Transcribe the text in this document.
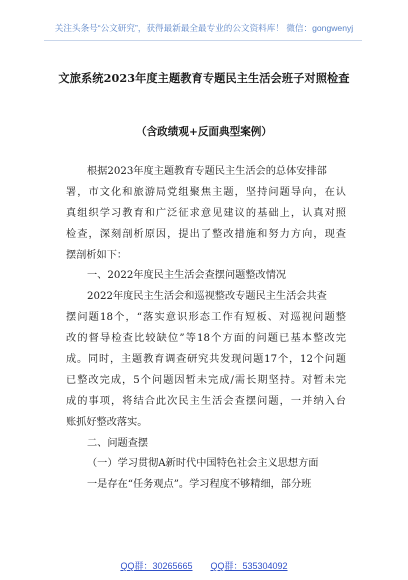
关注头条号“公文研究”，获得最新最全最专业的公文资料库！ 微信：gongwenyj
文旅系统2023年度主题教育专题民主生活会班子对照检查
（含政绩观+反面典型案例）
根据2023年度主题教育专题民主生活会的总体安排部
署，市文化和旅游局党组聚焦主题，坚持问题导向，在认
真组织学习教育和广泛征求意见建议的基础上，认真对照
检查，深刻剖析原因，提出了整改措施和努力方向，现查
摆剖析如下：
一、2022年度民主生活会查摆问题整改情况
2022年度民主生活会和巡视整改专题民主生活会共查
摆问题18个，“落实意识形态工作有短板、对巡视问题整
改的督导检查比较缺位”等18个方面的问题已基本整改完
成。同时，主题教育调查研究共发现问题17个，12个问题
已整改完成，5个问题因暂未完成/需长期坚持。对暂未完
成的事项，将结合此次民主生活会查摆问题，一并纳入台
账抓好整改落实。
二、问题查摆
（一）学习贯彻A新时代中国特色社会主义思想方面
一是存在“任务观点”。学习程度不够精细，部分班
QQ群：30265665 QQ群：535304092
